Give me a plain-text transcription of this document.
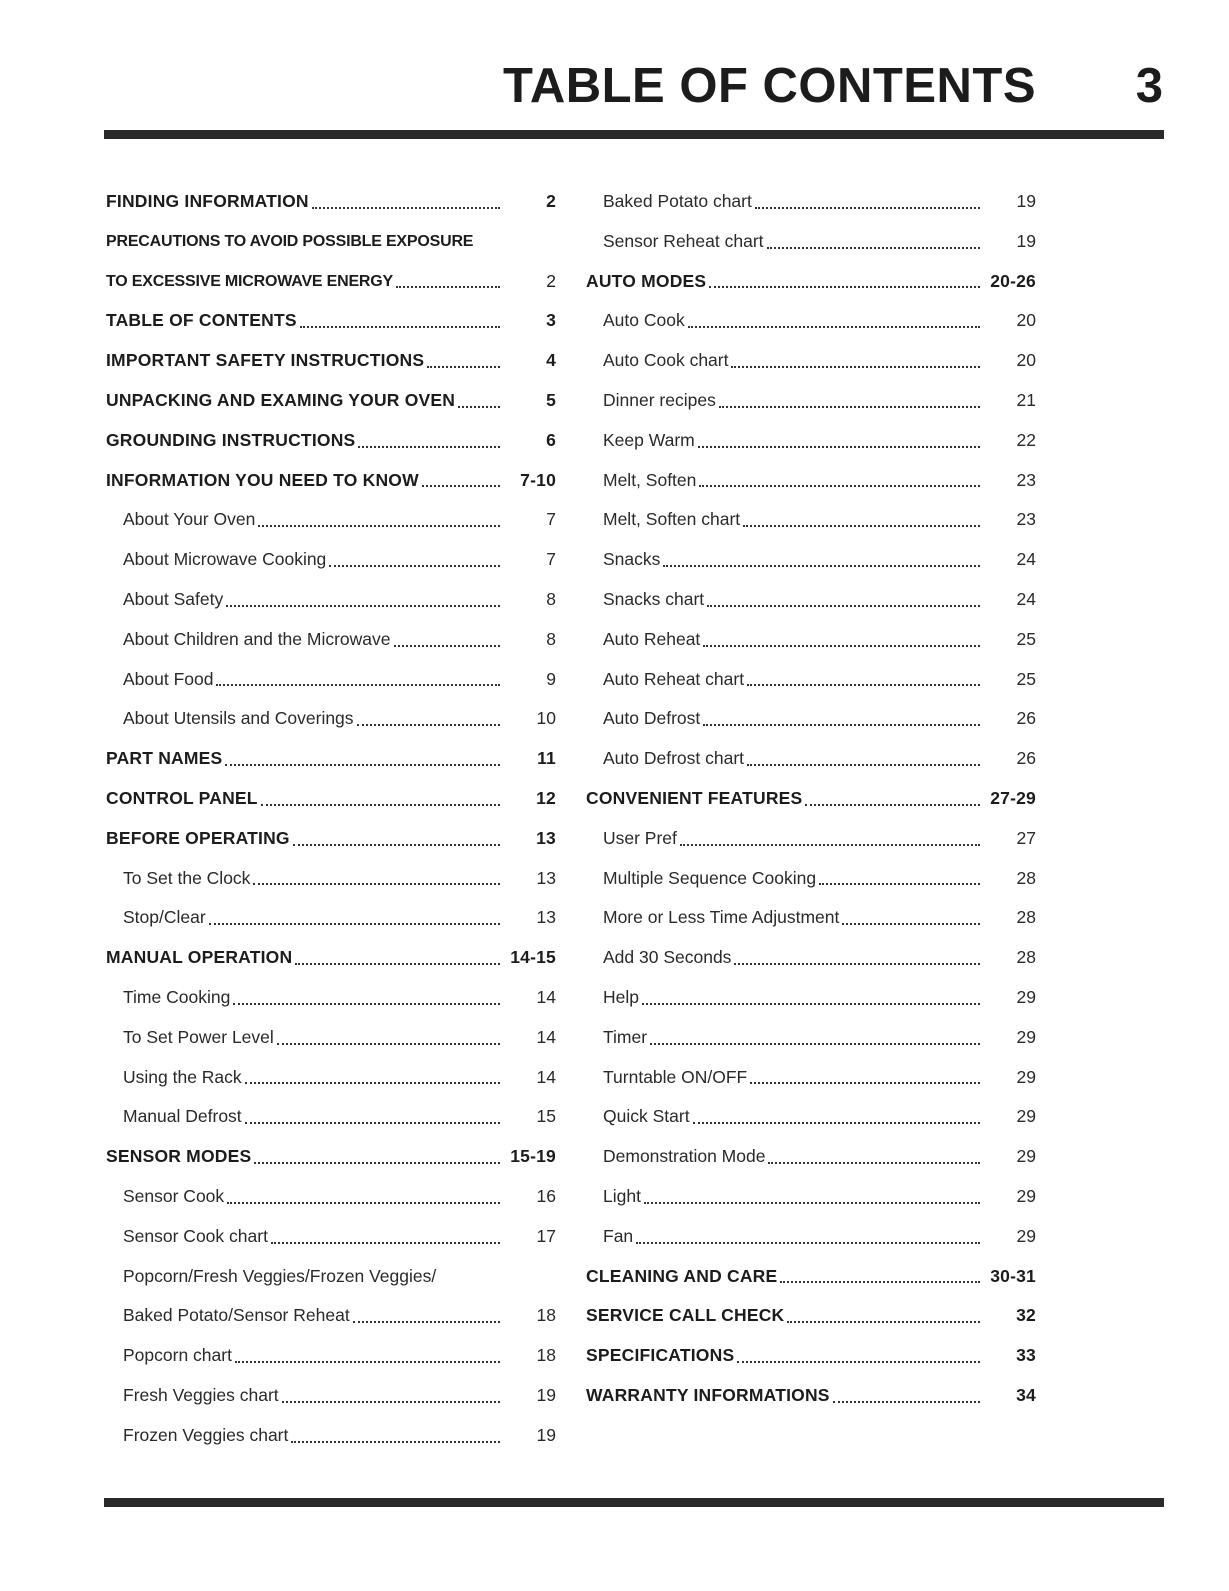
TABLE OF CONTENTS 3
FINDING INFORMATION	2
PRECAUTIONS TO AVOID POSSIBLE EXPOSURE
TO EXCESSIVE MICROWAVE ENERGY	2
TABLE OF CONTENTS	3
IMPORTANT SAFETY INSTRUCTIONS	4
UNPACKING AND EXAMING YOUR OVEN	5
GROUNDING INSTRUCTIONS	6
INFORMATION YOU NEED TO KNOW	7-10
About Your Oven	7
About Microwave Cooking	7
About Safety	8
About Children and the Microwave	8
About Food	9
About Utensils and Coverings	10
PART NAMES	11
CONTROL PANEL	12
BEFORE OPERATING	13
To Set the Clock	13
Stop/Clear	13
MANUAL OPERATION	14-15
Time Cooking	14
To Set Power Level	14
Using the Rack	14
Manual Defrost	15
SENSOR MODES	15-19
Sensor Cook	16
Sensor Cook chart	17
Popcorn/Fresh Veggies/Frozen Veggies/
Baked Potato/Sensor Reheat	18
Popcorn chart	18
Fresh Veggies chart	19
Frozen Veggies chart	19
Baked Potato chart	19
Sensor Reheat chart	19
AUTO MODES	20-26
Auto Cook	20
Auto Cook chart	20
Dinner recipes	21
Keep Warm	22
Melt, Soften	23
Melt, Soften chart	23
Snacks	24
Snacks chart	24
Auto Reheat	25
Auto Reheat chart	25
Auto Defrost	26
Auto Defrost chart	26
CONVENIENT FEATURES	27-29
User Pref	27
Multiple Sequence Cooking	28
More or Less Time Adjustment	28
Add 30 Seconds	28
Help	29
Timer	29
Turntable ON/OFF	29
Quick Start	29
Demonstration Mode	29
Light	29
Fan	29
CLEANING AND CARE	30-31
SERVICE CALL CHECK	32
SPECIFICATIONS	33
WARRANTY INFORMATIONS	34
